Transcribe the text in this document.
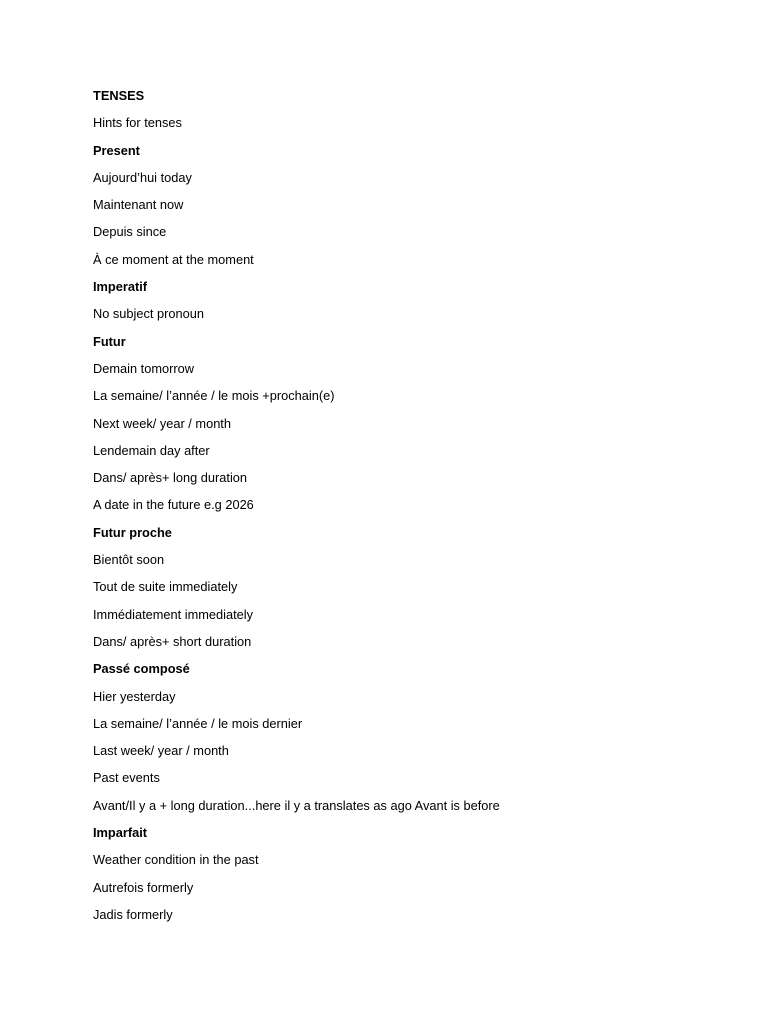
TENSES
Hints for tenses
Present
Aujourd’hui today
Maintenant now
Depuis since
À ce moment at the moment
Imperatif
No subject pronoun
Futur
Demain tomorrow
La semaine/ l’année / le mois +prochain(e)
Next week/ year / month
Lendemain day after
Dans/ après+ long duration
A date in the future e.g 2026
Futur proche
Bientôt soon
Tout de suite immediately
Immédiatement immediately
Dans/ après+ short duration
Passé composé
Hier yesterday
La semaine/ l’année / le mois dernier
Last week/ year / month
Past events
Avant/Il y a + long duration...here il y a translates as ago Avant is before
Imparfait
Weather condition in the past
Autrefois formerly
Jadis formerly
